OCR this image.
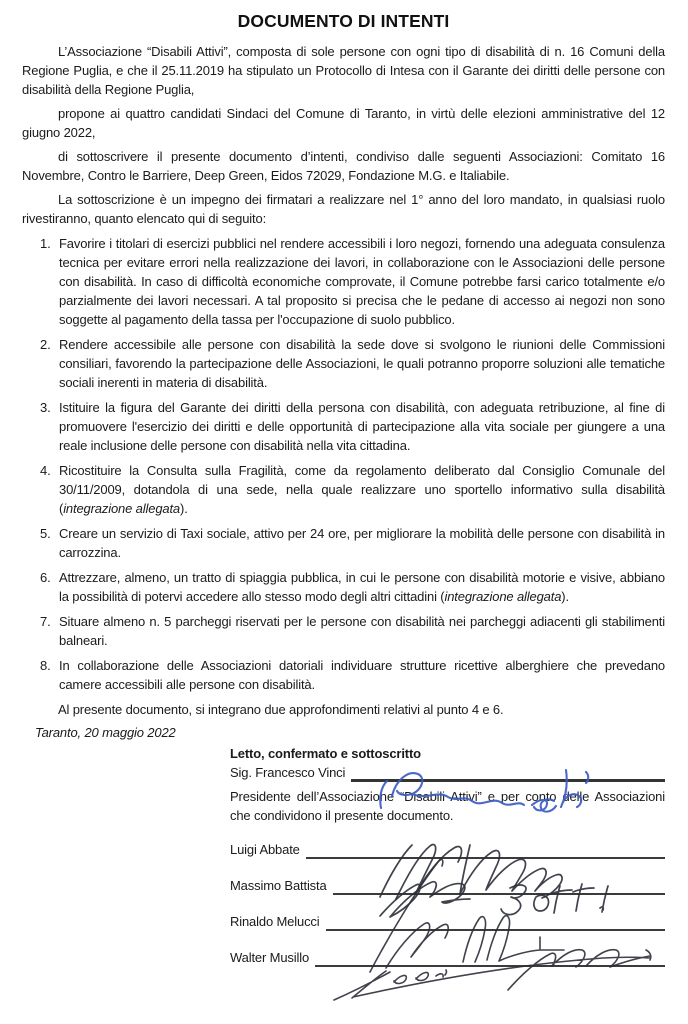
DOCUMENTO DI INTENTI

L’Associazione “Disabili Attivi”, composta di sole persone con ogni tipo di disabilità di n. 16 Comuni della Regione Puglia, e che il 25.11.2019 ha stipulato un Protocollo di Intesa con il Garante dei diritti delle persone con disabilità della Regione Puglia,

propone ai quattro candidati Sindaci del Comune di Taranto, in virtù delle elezioni amministrative del 12 giugno 2022,

di sottoscrivere il presente documento d’intenti, condiviso dalle seguenti Associazioni: Comitato 16 Novembre, Contro le Barriere, Deep Green, Eidos 72029, Fondazione M.G. e Italiabile.

La sottoscrizione è un impegno dei firmatari a realizzare nel 1° anno del loro mandato, in qualsiasi ruolo rivestiranno, quanto elencato qui di seguito:

1. Favorire i titolari di esercizi pubblici nel rendere accessibili i loro negozi, fornendo una adeguata consulenza tecnica per evitare errori nella realizzazione dei lavori, in collaborazione con le Associazioni delle persone con disabilità. In caso di difficoltà economiche comprovate, il Comune potrebbe farsi carico totalmente e/o parzialmente dei lavori necessari. A tal proposito si precisa che le pedane di accesso ai negozi non sono soggette al pagamento della tassa per l'occupazione di suolo pubblico.
2. Rendere accessibile alle persone con disabilità la sede dove si svolgono le riunioni delle Commissioni consiliari, favorendo la partecipazione delle Associazioni, le quali potranno proporre soluzioni alle tematiche sociali inerenti in materia di disabilità.
3. Istituire la figura del Garante dei diritti della persona con disabilità, con adeguata retribuzione, al fine di promuovere l'esercizio dei diritti e delle opportunità di partecipazione alla vita sociale per giungere a una reale inclusione delle persone con disabilità nella vita cittadina.
4. Ricostituire la Consulta sulla Fragilità, come da regolamento deliberato dal Consiglio Comunale del 30/11/2009, dotandola di una sede, nella quale realizzare uno sportello informativo sulla disabilità (integrazione allegata).
5. Creare un servizio di Taxi sociale, attivo per 24 ore, per migliorare la mobilità delle persone con disabilità in carrozzina.
6. Attrezzare, almeno, un tratto di spiaggia pubblica, in cui le persone con disabilità motorie e visive, abbiano la possibilità di potervi accedere allo stesso modo degli altri cittadini (integrazione allegata).
7. Situare almeno n. 5 parcheggi riservati per le persone con disabilità nei parcheggi adiacenti gli stabilimenti balneari.
8. In collaborazione delle Associazioni datoriali individuare strutture ricettive alberghiere che prevedano camere accessibili alle persone con disabilità.

Al presente documento, si integrano due approfondimenti relativi al punto 4 e 6.

Taranto, 20 maggio 2022

Letto, confermato e sottoscritto
Sig. Francesco Vinci

Presidente dell’Associazione “Disabili Attivi” e per conto delle Associazioni che condividono il presente documento.

Luigi Abbate
Massimo Battista
Rinaldo Melucci
Walter Musillo
